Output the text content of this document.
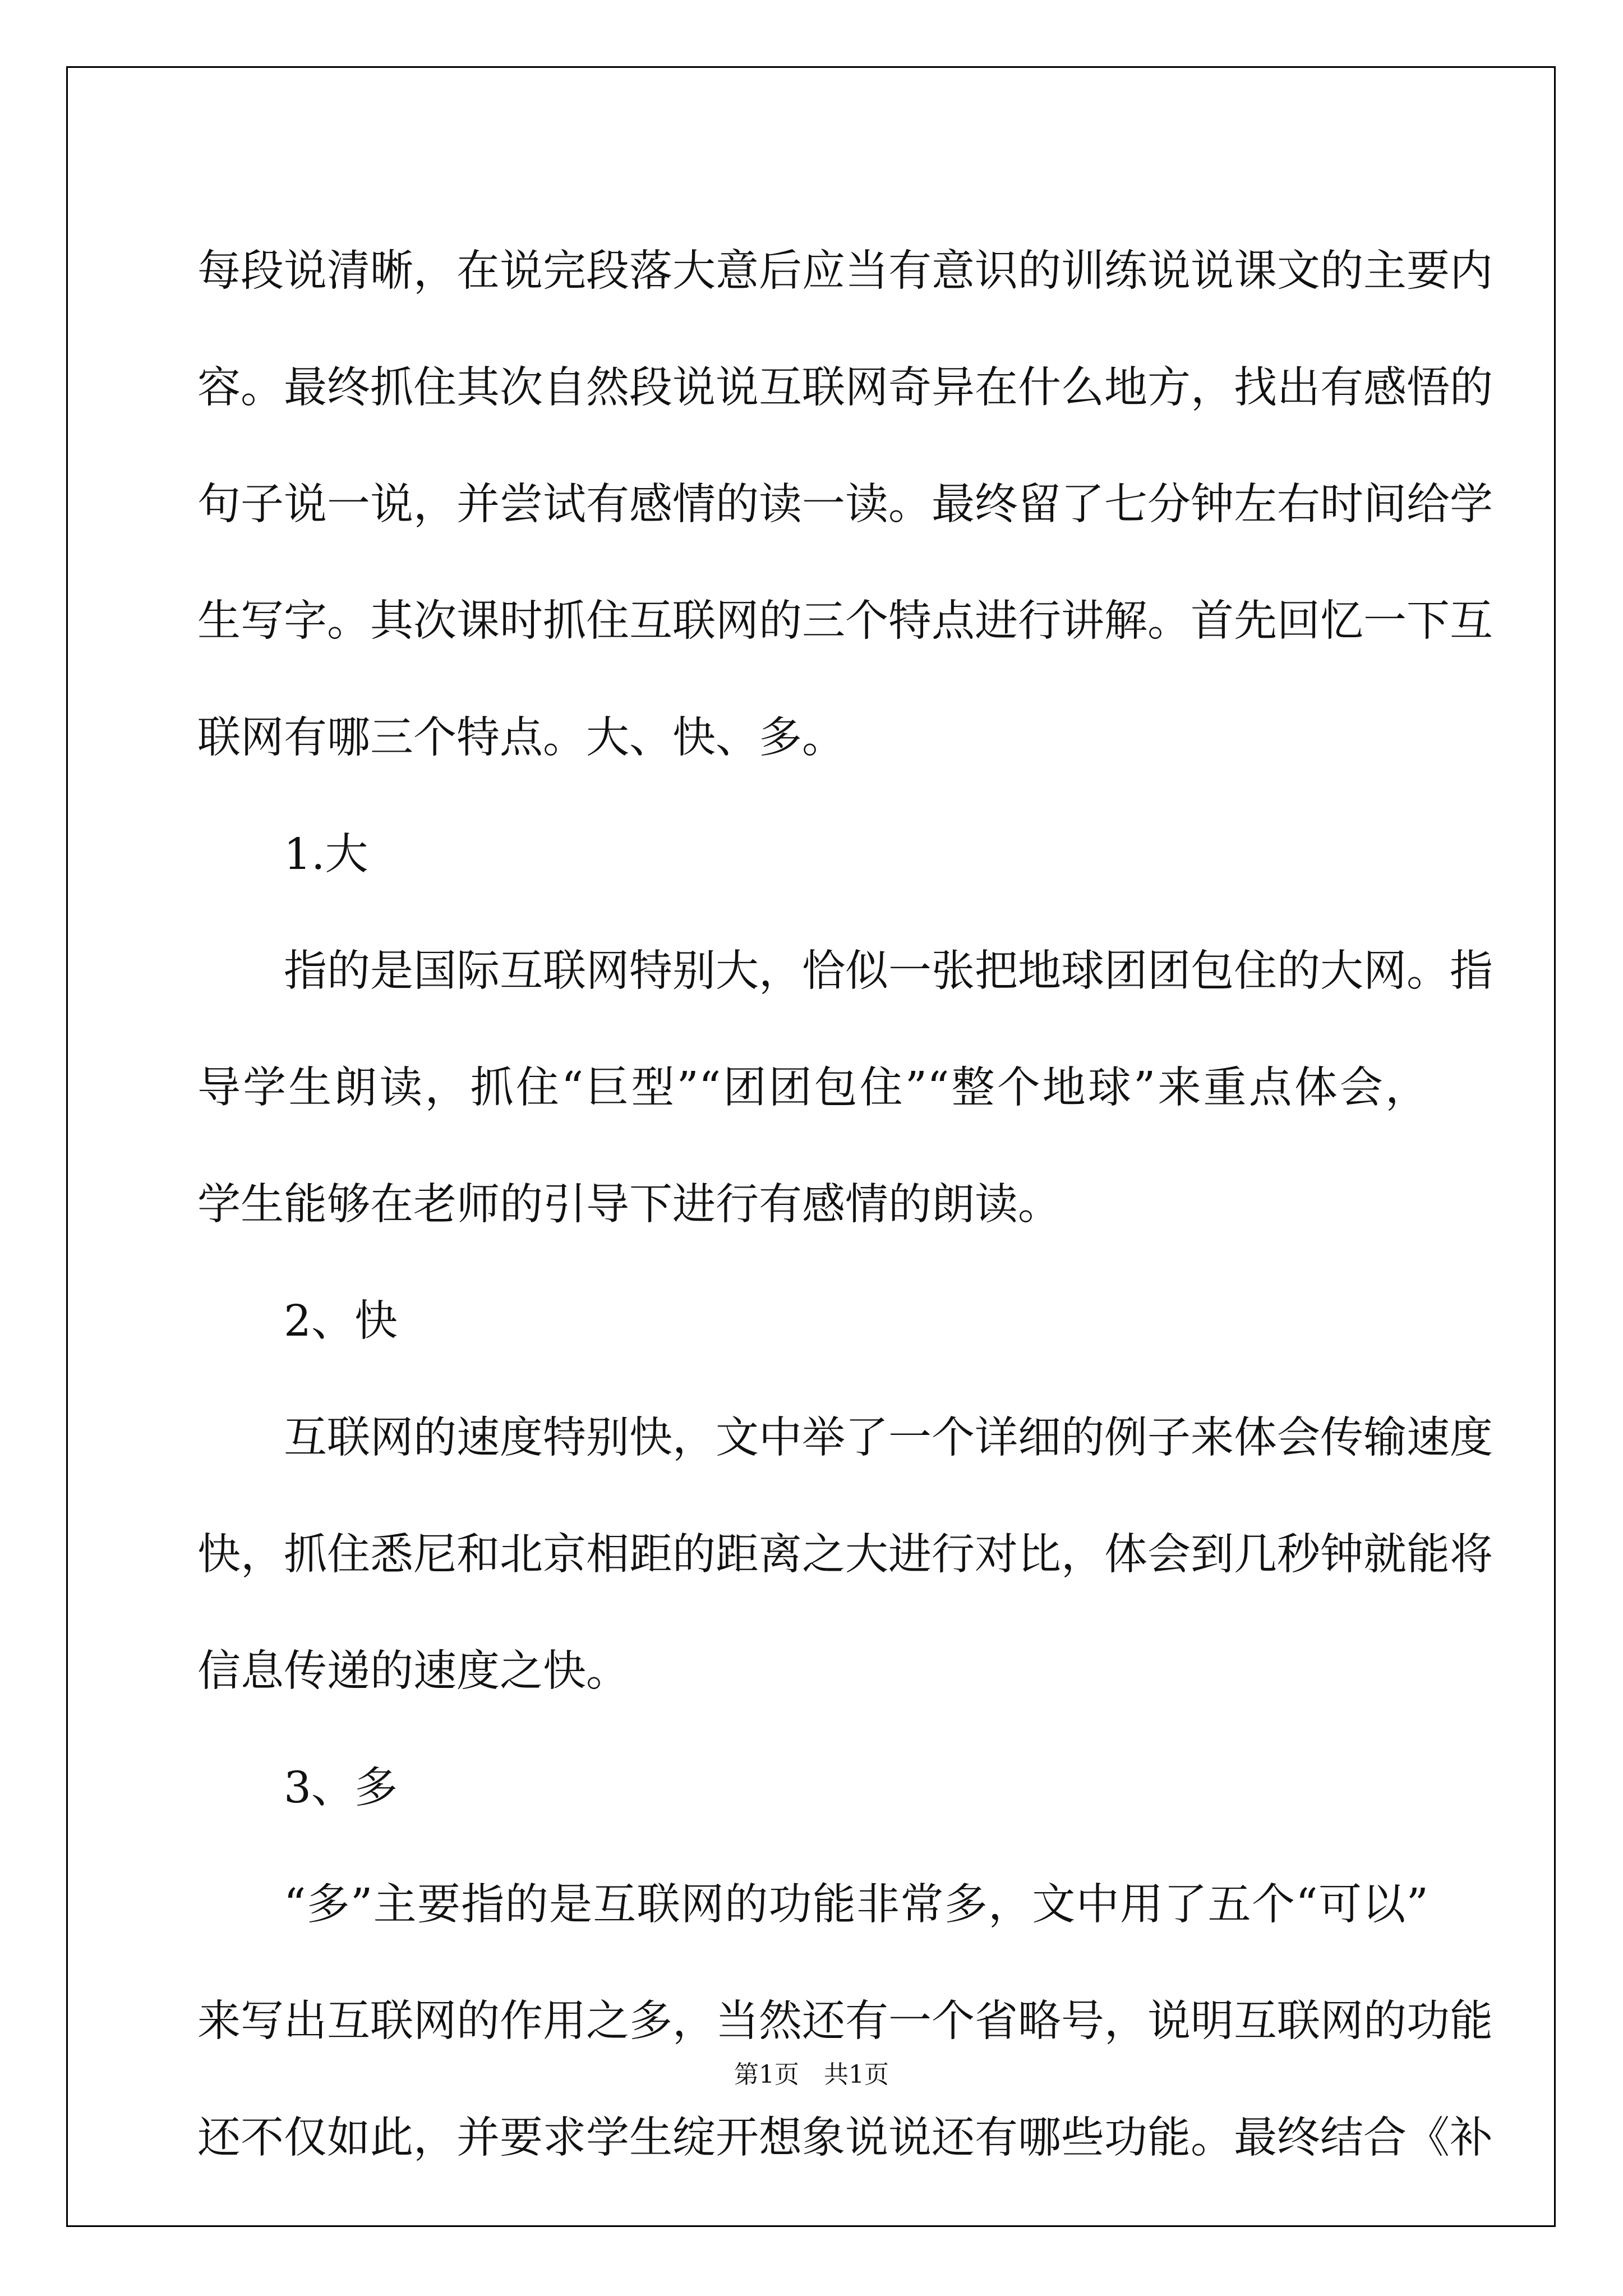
每段说清晰，在说完段落大意后应当有意识的训练说说课文的主要内
容。最终抓住其次自然段说说互联网奇异在什么地方，找出有感悟的
句子说一说，并尝试有感情的读一读。最终留了七分钟左右时间给学
生写字。其次课时抓住互联网的三个特点进行讲解。首先回忆一下互
联网有哪三个特点。大、快、多。
1.大
指的是国际互联网特别大，恰似一张把地球团团包住的大网。指
导学生朗读，抓住“巨型”“团团包住”“整个地球”来重点体会，
学生能够在老师的引导下进行有感情的朗读。
2、快
互联网的速度特别快，文中举了一个详细的例子来体会传输速度
快，抓住悉尼和北京相距的距离之大进行对比，体会到几秒钟就能将
信息传递的速度之快。
3、多
“多”主要指的是互联网的功能非常多，文中用了五个“可以”
来写出互联网的作用之多，当然还有一个省略号，说明互联网的功能
还不仅如此，并要求学生绽开想象说说还有哪些功能。最终结合《补
第1页　共1页
